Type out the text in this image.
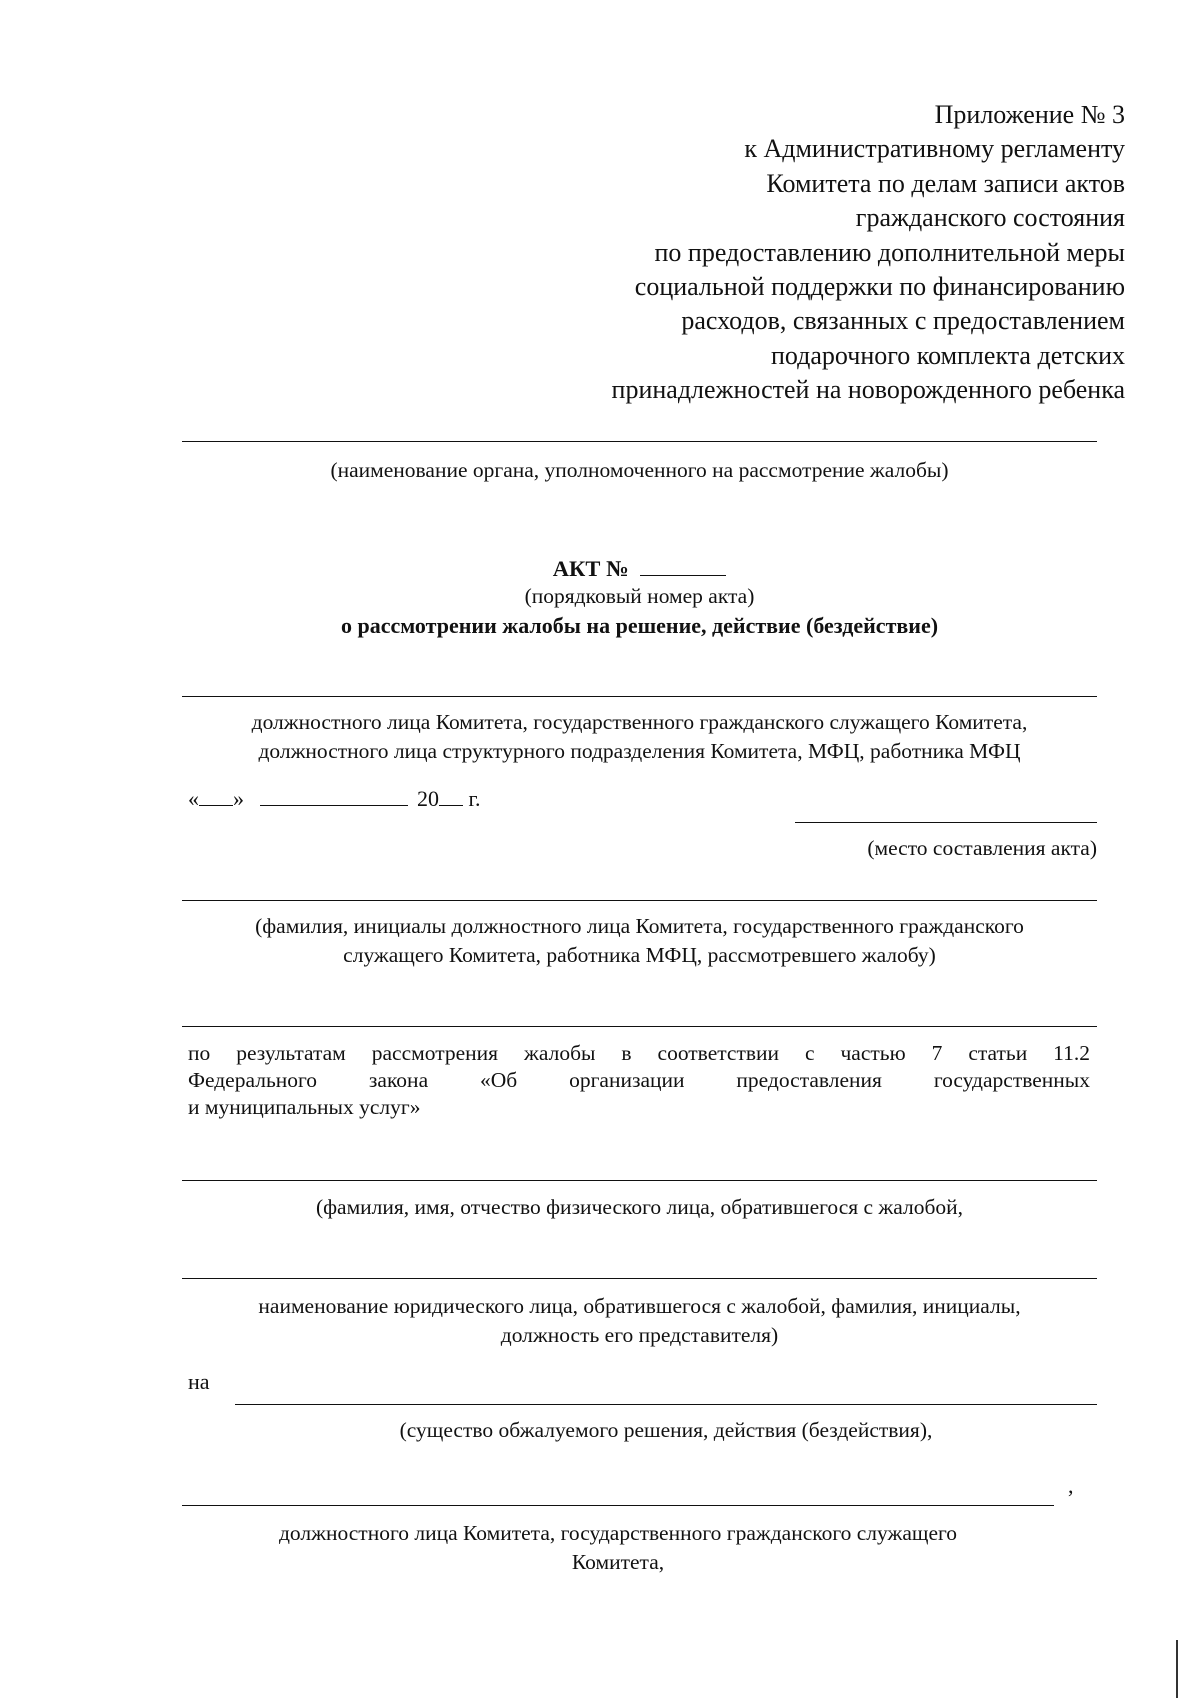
Приложение № 3
к Административному регламенту
Комитета по делам записи актов
гражданского состояния
по предоставлению дополнительной меры
социальной поддержки по финансированию
расходов, связанных с предоставлением
подарочного комплекта детских
принадлежностей на новорожденного ребенка
(наименование органа, уполномоченного на рассмотрение жалобы)
АКТ №
(порядковый номер акта)
о рассмотрении жалобы на решение, действие (бездействие)
должностного лица Комитета, государственного гражданского служащего Комитета,
должностного лица структурного подразделения Комитета, МФЦ, работника МФЦ
« »	20 г.
(место составления акта)
(фамилия, инициалы должностного лица Комитета, государственного гражданского
служащего Комитета, работника МФЦ, рассмотревшего жалобу)
по результатам рассмотрения жалобы в соответствии с частью 7 статьи 11.2
Федерального закона «Об организации предоставления государственных
и муниципальных услуг»
(фамилия, имя, отчество физического лица, обратившегося с жалобой,
наименование юридического лица, обратившегося с жалобой, фамилия, инициалы,
должность его представителя)
на
(существо обжалуемого решения, действия (бездействия),
,
должностного лица Комитета, государственного гражданского служащего
Комитета,
